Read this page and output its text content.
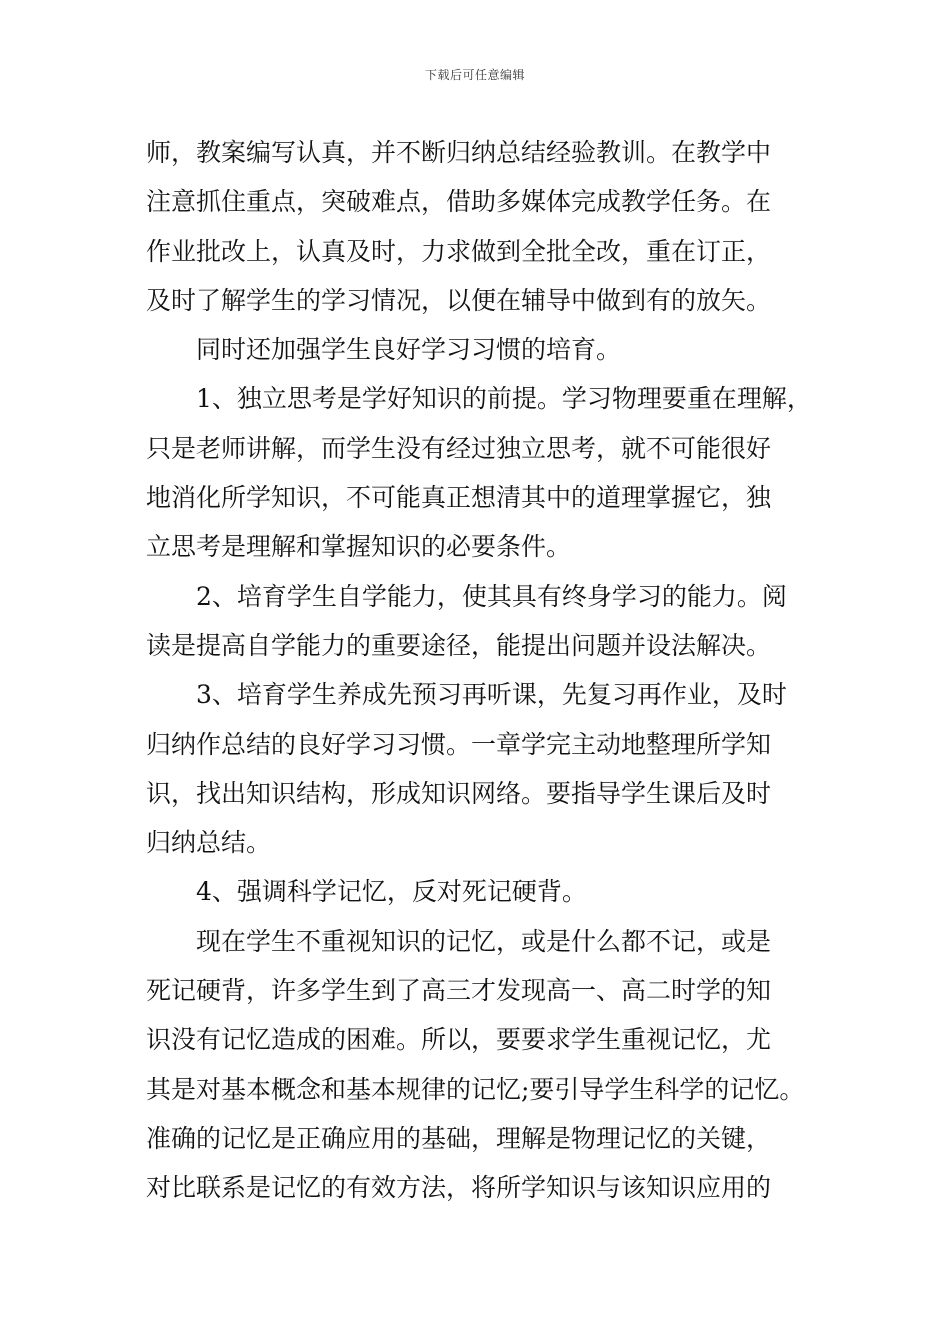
下载后可任意编辑
师，教案编写认真，并不断归纳总结经验教训。在教学中
注意抓住重点，突破难点，借助多媒体完成教学任务。在
作业批改上，认真及时，力求做到全批全改，重在订正，
及时了解学生的学习情况，以便在辅导中做到有的放矢。
同时还加强学生良好学习习惯的培育。
1、独立思考是学好知识的前提。学习物理要重在理解，
只是老师讲解，而学生没有经过独立思考，就不可能很好
地消化所学知识，不可能真正想清其中的道理掌握它，独
立思考是理解和掌握知识的必要条件。
2、培育学生自学能力，使其具有终身学习的能力。阅
读是提高自学能力的重要途径，能提出问题并设法解决。
3、培育学生养成先预习再听课，先复习再作业，及时
归纳作总结的良好学习习惯。一章学完主动地整理所学知
识，找出知识结构，形成知识网络。要指导学生课后及时
归纳总结。
4、强调科学记忆，反对死记硬背。
现在学生不重视知识的记忆，或是什么都不记，或是
死记硬背，许多学生到了高三才发现高一、高二时学的知
识没有记忆造成的困难。所以，要要求学生重视记忆，尤
其是对基本概念和基本规律的记忆;要引导学生科学的记忆。
准确的记忆是正确应用的基础，理解是物理记忆的关键，
对比联系是记忆的有效方法，将所学知识与该知识应用的
